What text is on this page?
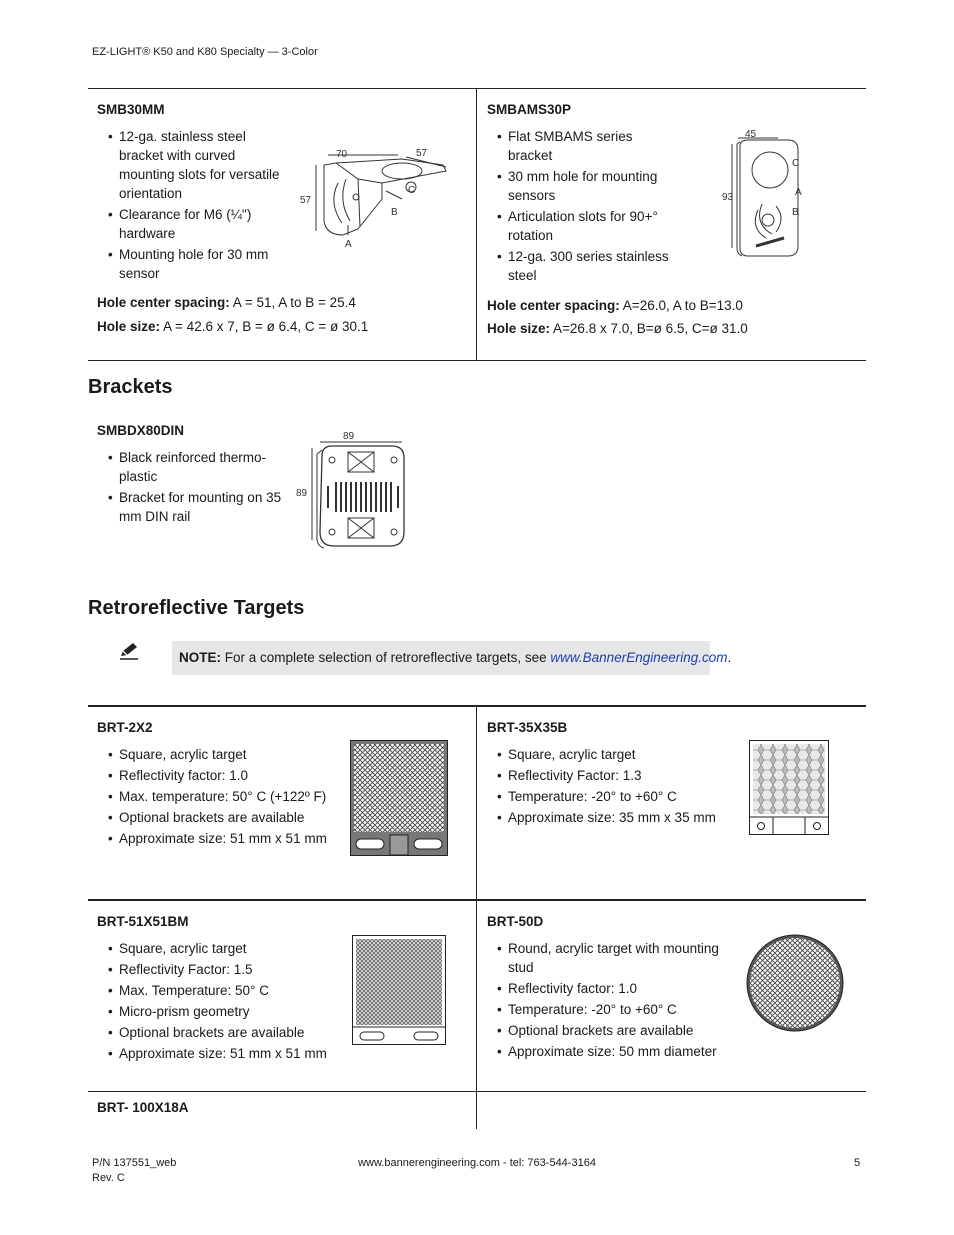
EZ-LIGHT® K50 and K80 Specialty — 3-Color
SMB30MM
• 12-ga. stainless steel
bracket with curved
mounting slots for versatile
orientation
• Clearance for M6 (¼")
hardware
• Mounting hole for 30 mm
sensor
Hole center spacing: A = 51, A to B = 25.4
Hole size: A = 42.6 x 7, B = ø 6.4, C = ø 30.1
70	57
57
C
B
A
SMBAMS30P
• Flat SMBAMS series
bracket
• 30 mm hole for mounting
sensors
• Articulation slots for 90+°
rotation
• 12-ga. 300 series stainless
steel
Hole center spacing: A=26.0, A to B=13.0
Hole size: A=26.8 x 7.0, B=ø 6.5, C=ø 31.0
45
93
C
A
B
Brackets
SMBDX80DIN
• Black reinforced thermo-
plastic
• Bracket for mounting on 35
mm DIN rail
89
89
Retroreflective Targets
NOTE: For a complete selection of retroreflective targets, see www.BannerEngineering.com.
BRT-2X2
• Square, acrylic target
• Reflectivity factor: 1.0
• Max. temperature: 50° C (+122º F)
• Optional brackets are available
• Approximate size: 51 mm x 51 mm
BRT-35X35B
• Square, acrylic target
• Reflectivity Factor: 1.3
• Temperature: -20° to +60° C
• Approximate size: 35 mm x 35 mm
BRT-51X51BM
• Square, acrylic target
• Reflectivity Factor: 1.5
• Max. Temperature: 50° C
• Micro-prism geometry
• Optional brackets are available
• Approximate size: 51 mm x 51 mm
BRT-50D
• Round, acrylic target with mounting
stud
• Reflectivity factor: 1.0
• Temperature: -20° to +60° C
• Optional brackets are available
• Approximate size: 50 mm diameter
BRT- 100X18A
P/N 137551_web
Rev. C
www.bannerengineering.com - tel: 763-544-3164	5
